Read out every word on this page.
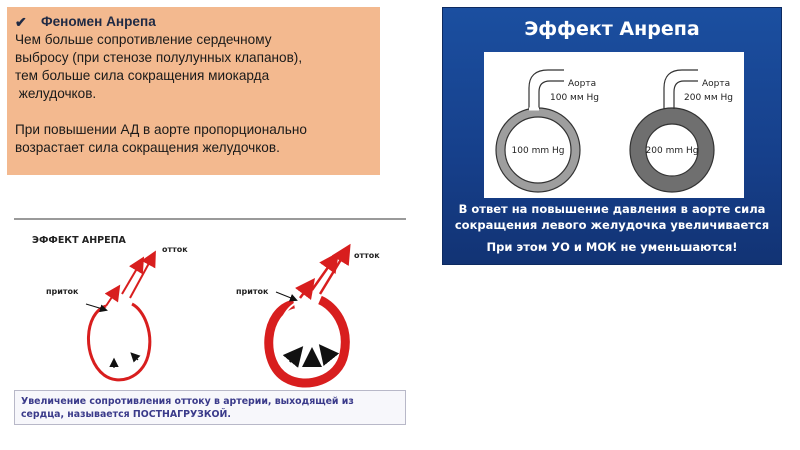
✔ Феномен Анрепа
Чем больше сопротивление сердечному
выбросу (при стенозе полулунных клапанов),
тем больше сила сокращения миокарда
желудочков.
При повышении АД в аорте пропорционально
возрастает сила сокращения желудочков.
Эффект Анрепа
Аорта
100 мм Hg
100 mm Hg
Аорта
200 мм Hg
200 mm Hg
В ответ на повышение давления в аорте сила
сокращения левого желудочка увеличивается
При этом УО и МОК не уменьшаются!
ЭФФЕКТ АНРЕПА
отток
приток
отток
приток
Увеличение сопротивления оттоку в артерии, выходящей из
сердца, называется ПОСТНАГРУЗКОЙ.
